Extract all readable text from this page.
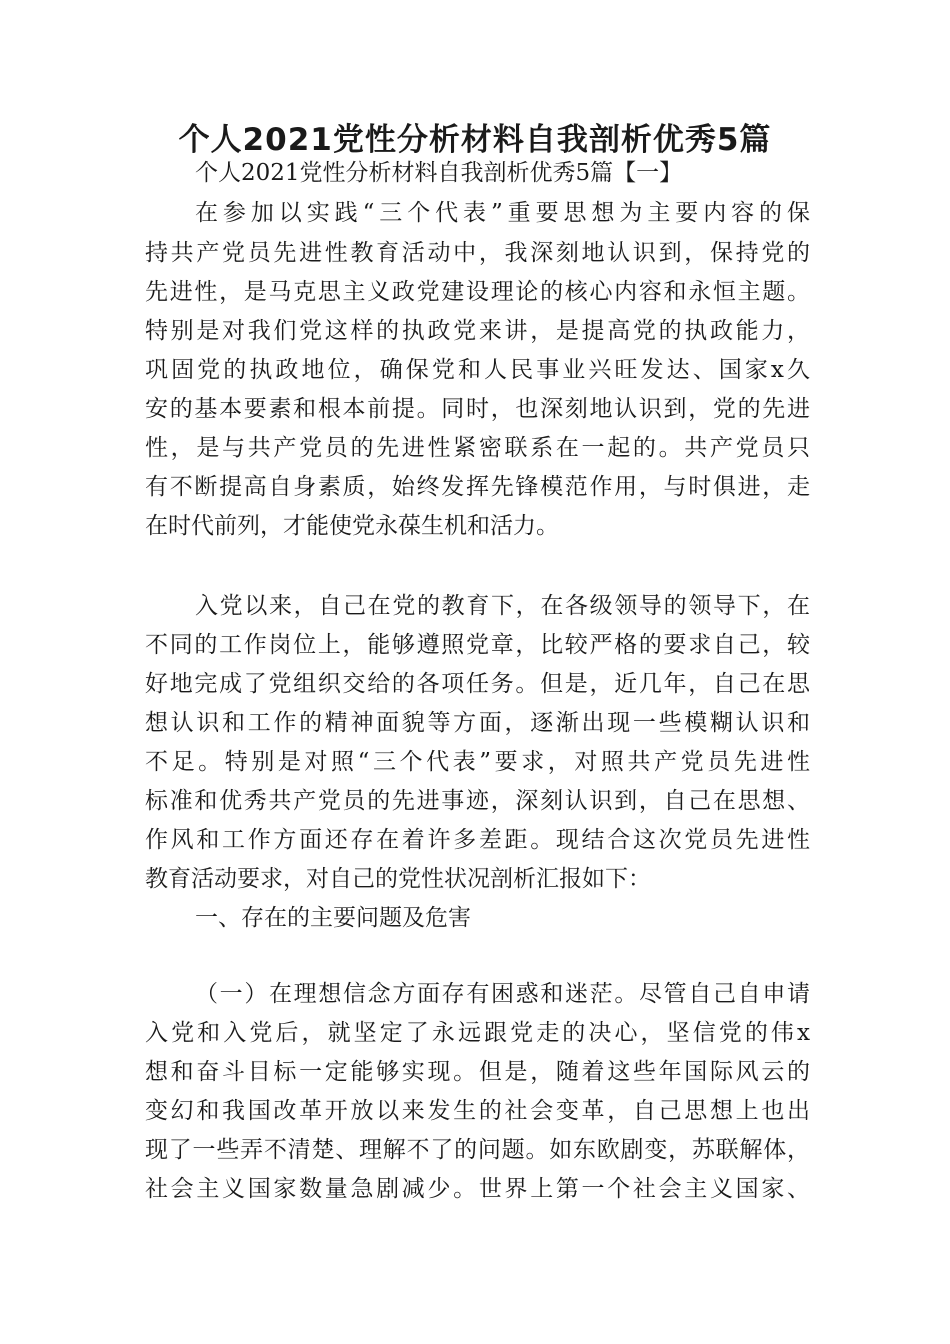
个人2021党性分析材料自我剖析优秀5篇
个人2021党性分析材料自我剖析优秀5篇【一】
在参加以实践“三个代表”重要思想为主要内容的保
持共产党员先进性教育活动中，我深刻地认识到，保持党的
先进性，是马克思主义政党建设理论的核心内容和永恒主题。
特别是对我们党这样的执政党来讲，是提高党的执政能力，
巩固党的执政地位，确保党和人民事业兴旺发达、国家x久
安的基本要素和根本前提。同时，也深刻地认识到，党的先进
性，是与共产党员的先进性紧密联系在一起的。共产党员只
有不断提高自身素质，始终发挥先锋模范作用，与时俱进，走
在时代前列，才能使党永葆生机和活力。
入党以来，自己在党的教育下，在各级领导的领导下，在
不同的工作岗位上，能够遵照党章，比较严格的要求自己，较
好地完成了党组织交给的各项任务。但是，近几年，自己在思
想认识和工作的精神面貌等方面，逐渐出现一些模糊认识和
不足。特别是对照“三个代表”要求，对照共产党员先进性
标准和优秀共产党员的先进事迹，深刻认识到，自己在思想、
作风和工作方面还存在着许多差距。现结合这次党员先进性
教育活动要求，对自己的党性状况剖析汇报如下：
一、存在的主要问题及危害
（一）在理想信念方面存有困惑和迷茫。尽管自己自申请
入党和入党后，就坚定了永远跟党走的决心，坚信党的伟x
想和奋斗目标一定能够实现。但是，随着这些年国际风云的
变幻和我国改革开放以来发生的社会变革，自己思想上也出
现了一些弄不清楚、理解不了的问题。如东欧剧变，苏联解体，
社会主义国家数量急剧减少。世界上第一个社会主义国家、
